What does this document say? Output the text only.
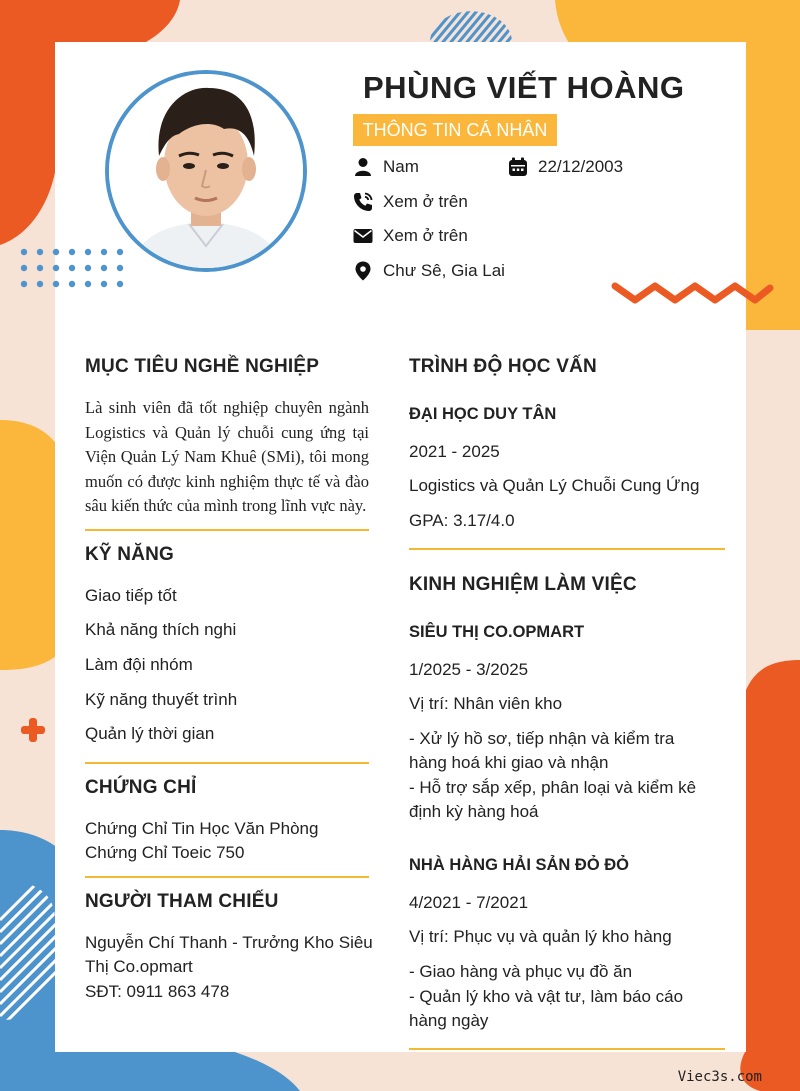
PHÙNG VIẾT HOÀNG
THÔNG TIN CÁ NHÂN
Nam	22/12/2003
Xem ở trên
Xem ở trên
Chư Sê, Gia Lai
MỤC TIÊU NGHỀ NGHIỆP
Là sinh viên đã tốt nghiệp chuyên ngành Logistics và Quản lý chuỗi cung ứng tại Viện Quản Lý Nam Khuê (SMi), tôi mong muốn có được kinh nghiệm thực tế và đào sâu kiến thức của mình trong lĩnh vực này.
KỸ NĂNG
Giao tiếp tốt
Khả năng thích nghi
Làm đội nhóm
Kỹ năng thuyết trình
Quản lý thời gian
CHỨNG CHỈ
Chứng Chỉ Tin Học Văn Phòng
Chứng Chỉ Toeic 750
NGƯỜI THAM CHIẾU
Nguyễn Chí Thanh - Trưởng Kho Siêu
Thị Co.opmart
SĐT: 0911 863 478
TRÌNH ĐỘ HỌC VẤN
ĐẠI HỌC DUY TÂN
2021 - 2025
Logistics và Quản Lý Chuỗi Cung Ứng
GPA: 3.17/4.0
KINH NGHIỆM LÀM VIỆC
SIÊU THỊ CO.OPMART
1/2025 - 3/2025
Vị trí: Nhân viên kho
- Xử lý hồ sơ, tiếp nhận và kiểm tra
hàng hoá khi giao và nhận
- Hỗ trợ sắp xếp, phân loại và kiểm kê
định kỳ hàng hoá
NHÀ HÀNG HẢI SẢN ĐỎ ĐỎ
4/2021 - 7/2021
Vị trí: Phục vụ và quản lý kho hàng
- Giao hàng và phục vụ đồ ăn
- Quản lý kho và vật tư, làm báo cáo
hàng ngày
Viec3s.com
